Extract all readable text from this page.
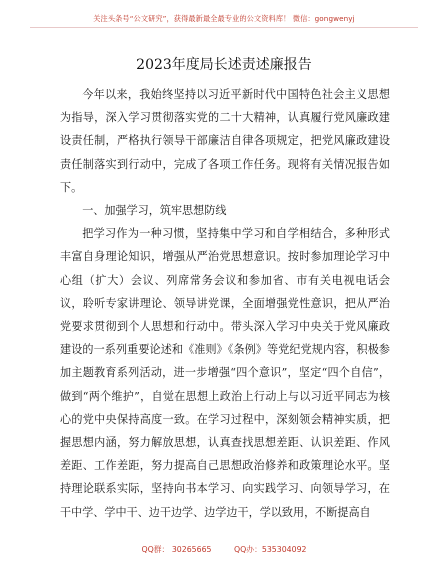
关注头条号“公文研究”，获得最新最全最专业的公文资料库！ 微信：gongwenyj
2023年度局长述责述廉报告

今年以来，我始终坚持以习近平新时代中国特色社会主义思想为指导，深入学习贯彻落实党的二十大精神，认真履行党风廉政建设责任制，严格执行领导干部廉洁自律各项规定，把党风廉政建设责任制落实到行动中，完成了各项工作任务。现将有关情况报告如下。

一、加强学习，筑牢思想防线

把学习作为一种习惯，坚持集中学习和自学相结合，多种形式丰富自身理论知识，增强从严治党思想意识。按时参加理论学习中心组（扩大）会议、列席常务会议和参加省、市有关电视电话会议，聆听专家讲理论、领导讲党课，全面增强党性意识，把从严治党要求贯彻到个人思想和行动中。带头深入学习中央关于党风廉政建设的一系列重要论述和《准则》《条例》等党纪党规内容，积极参加主题教育系列活动，进一步增强“四个意识”，坚定“四个自信”，做到“两个维护”，自觉在思想上政治上行动上与以习近平同志为核心的党中央保持高度一致。在学习过程中，深刻领会精神实质，把握思想内涵，努力解放思想，认真查找思想差距、认识差距、作风差距、工作差距，努力提高自己思想政治修养和政策理论水平。坚持理论联系实际，坚持向书本学习、向实践学习、向领导学习，在干中学、学中干、边干边学、边学边干，学以致用，不断提高自

QQ群： 30265665	QQ办：535304092
